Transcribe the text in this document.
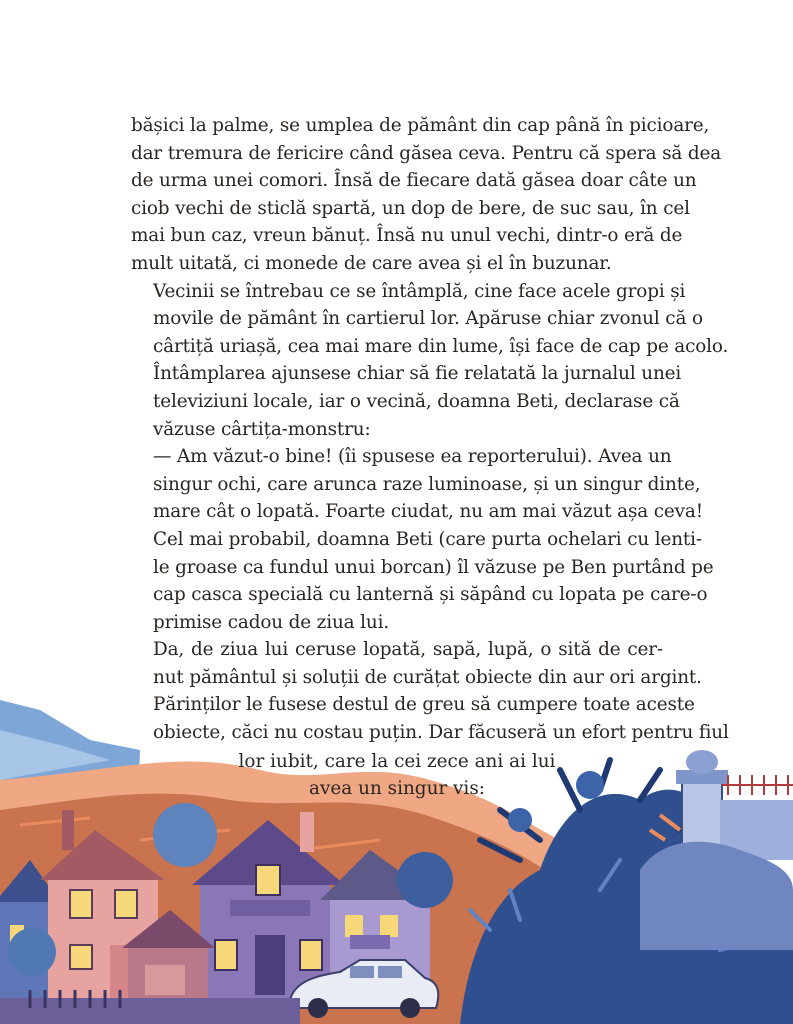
bășici la palme, se umplea de pământ din cap până în picioare,
dar tremura de fericire când găsea ceva. Pentru că spera să dea
de urma unei comori. Însă de fiecare dată găsea doar câte un
ciob vechi de sticlă spartă, un dop de bere, de suc sau, în cel
mai bun caz, vreun bănuț. Însă nu unul vechi, dintr-o eră de
mult uitată, ci monede de care avea și el în buzunar.

Vecinii se întrebau ce se întâmplă, cine face acele gropi și
movile de pământ în cartierul lor. Apăruse chiar zvonul că o
cârtiță uriașă, cea mai mare din lume, își face de cap pe acolo.
Întâmplarea ajunsese chiar să fie relatată la jurnalul unei
televiziuni locale, iar o vecină, doamna Beti, declarase că
văzuse cârtița-monstru:

— Am văzut-o bine! (îi spusese ea reporterului). Avea un
singur ochi, care arunca raze luminoase, și un singur dinte,
mare cât o lopată. Foarte ciudat, nu am mai văzut așa ceva!

Cel mai probabil, doamna Beti (care purta ochelari cu lenti-
le groase ca fundul unui borcan) îl văzuse pe Ben purtând pe
cap casca specială cu lanternă și săpând cu lopata pe care-o
primise cadou de ziua lui.

Da, de ziua lui ceruse lopată, sapă, lupă, o sită de cer-
nut pământul și soluții de curățat obiecte din aur ori argint.
Părinților le fusese destul de greu să cumpere toate aceste
obiecte, căci nu costau puțin. Dar făcuseră un efort pentru fiul

lor iubit, care la cei zece ani ai lui
avea un singur vis:
